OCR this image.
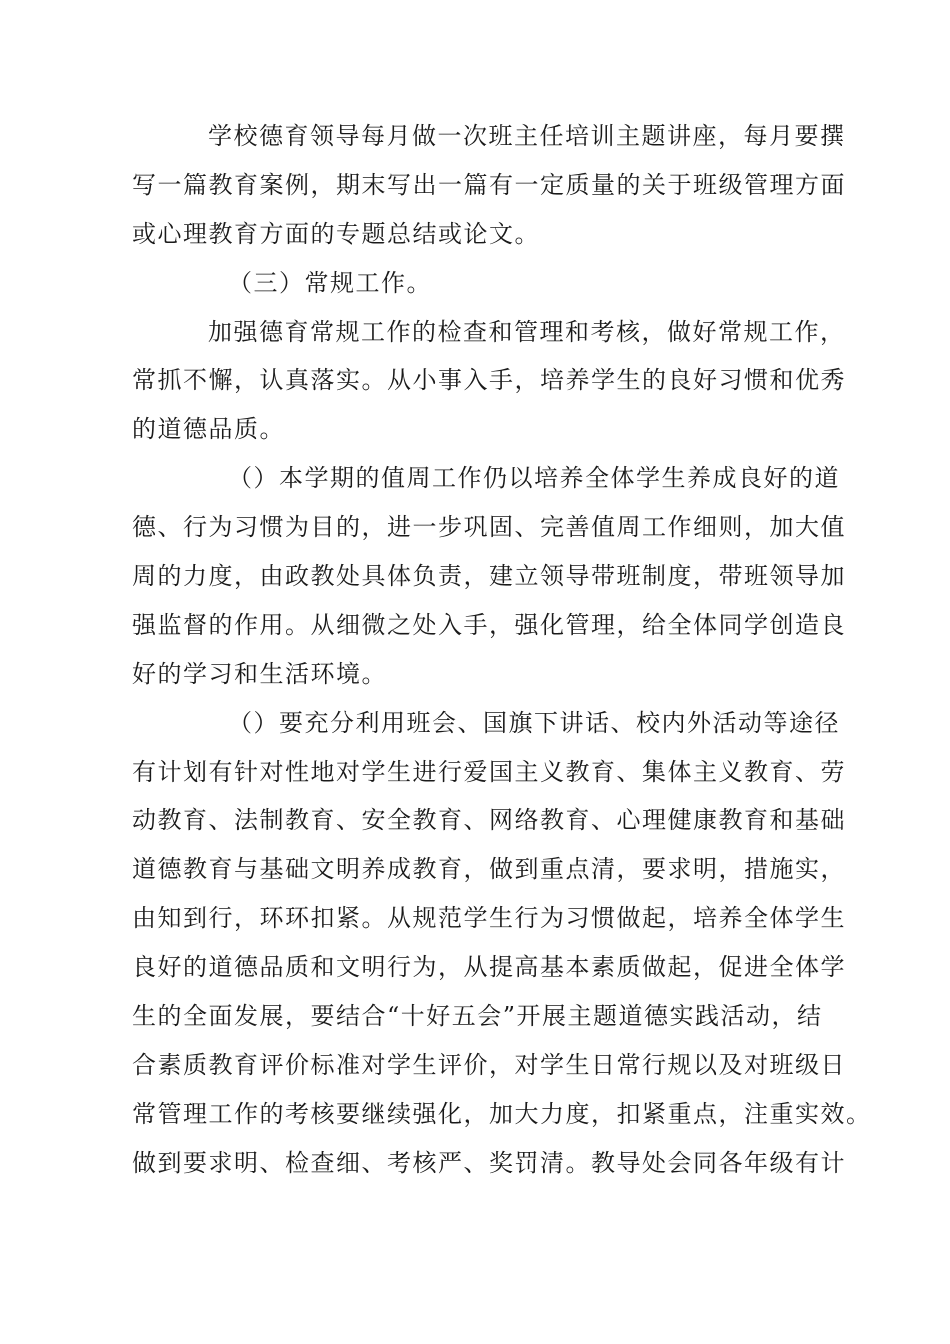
学校德育领导每月做一次班主任培训主题讲座，每月要撰
写一篇教育案例，期末写出一篇有一定质量的关于班级管理方面
或心理教育方面的专题总结或论文。
（三）常规工作。
加强德育常规工作的检查和管理和考核，做好常规工作，
常抓不懈，认真落实。从小事入手，培养学生的良好习惯和优秀
的道德品质。
（）本学期的值周工作仍以培养全体学生养成良好的道
德、行为习惯为目的，进一步巩固、完善值周工作细则，加大值
周的力度，由政教处具体负责，建立领导带班制度，带班领导加
强监督的作用。从细微之处入手，强化管理，给全体同学创造良
好的学习和生活环境。
（）要充分利用班会、国旗下讲话、校内外活动等途径
有计划有针对性地对学生进行爱国主义教育、集体主义教育、劳
动教育、法制教育、安全教育、网络教育、心理健康教育和基础
道德教育与基础文明养成教育，做到重点清，要求明，措施实，
由知到行，环环扣紧。从规范学生行为习惯做起，培养全体学生
良好的道德品质和文明行为，从提高基本素质做起，促进全体学
生的全面发展，要结合“十好五会”开展主题道德实践活动，结
合素质教育评价标准对学生评价，对学生日常行规以及对班级日
常管理工作的考核要继续强化，加大力度，扣紧重点，注重实效。
做到要求明、检查细、考核严、奖罚清。教导处会同各年级有计
